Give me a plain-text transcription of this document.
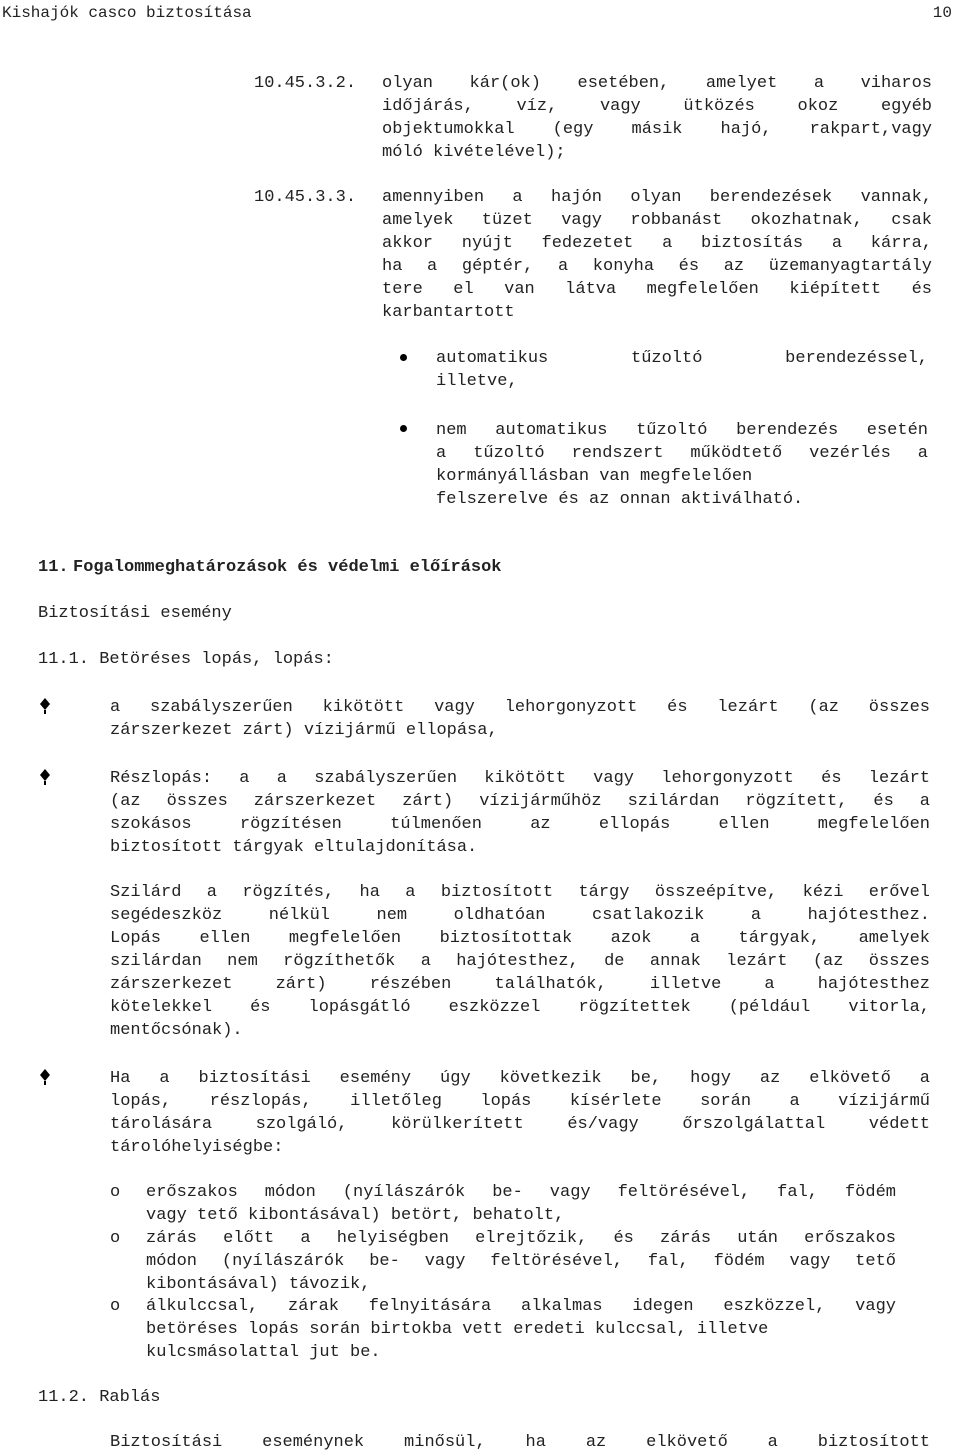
Kishajók casco biztosítása	10
10.45.3.2. olyan kár(ok) esetében, amelyet a viharos
időjárás, víz, vagy ütközés okoz egyéb
objektumokkal (egy másik hajó, rakpart,vagy
móló kivételével);
10.45.3.3. amennyiben a hajón olyan berendezések vannak,
amelyek tüzet vagy robbanást okozhatnak, csak
akkor nyújt fedezetet a biztosítás a kárra,
ha a géptér, a konyha és az üzemanyagtartály
tere el van látva megfelelően kiépített és
karbantartott
automatikus tűzoltó berendezéssel,
illetve,
nem automatikus tűzoltó berendezés esetén
a tűzoltó rendszert működtető vezérlés a
kormányállásban van megfelelően
felszerelve és az onnan aktiválható.
11. Fogalommeghatározások és védelmi előírások
Biztosítási esemény
11.1. Betöréses lopás, lopás:
a szabályszerűen kikötött vagy lehorgonyzott és lezárt (az összes
zárszerkezet zárt) vízijármű ellopása,
Részlopás: a a szabályszerűen kikötött vagy lehorgonyzott és lezárt
(az összes zárszerkezet zárt) vízijárműhöz szilárdan rögzített, és a
szokásos rögzítésen túlmenően az ellopás ellen megfelelően
biztosított tárgyak eltulajdonítása.
Szilárd a rögzítés, ha a biztosított tárgy összeépítve, kézi erővel
segédeszköz nélkül nem oldhatóan csatlakozik a hajótesthez.
Lopás ellen megfelelően biztosítottak azok a tárgyak, amelyek
szilárdan nem rögzíthetők a hajótesthez, de annak lezárt (az összes
zárszerkezet zárt) részében találhatók, illetve a hajótesthez
kötelekkel és lopásgátló eszközzel rögzítettek (például vitorla,
mentőcsónak).
Ha a biztosítási esemény úgy következik be, hogy az elkövető a
lopás, részlopás, illetőleg lopás kísérlete során a vízijármű
tárolására szolgáló, körülkerített és/vagy őrszolgálattal védett
tárolóhelyiségbe:
o erőszakos módon (nyílászárók be- vagy feltörésével, fal, födém
vagy tető kibontásával) betört, behatolt,
o zárás előtt a helyiségben elrejtőzik, és zárás után erőszakos
módon (nyílászárók be- vagy feltörésével, fal, födém vagy tető
kibontásával) távozik,
o álkulccsal, zárak felnyitására alkalmas idegen eszközzel, vagy
betöréses lopás során birtokba vett eredeti kulccsal, illetve
kulcsmásolattal jut be.
11.2. Rablás
Biztosítási eseménynek minősül, ha az elkövető a biztosított
